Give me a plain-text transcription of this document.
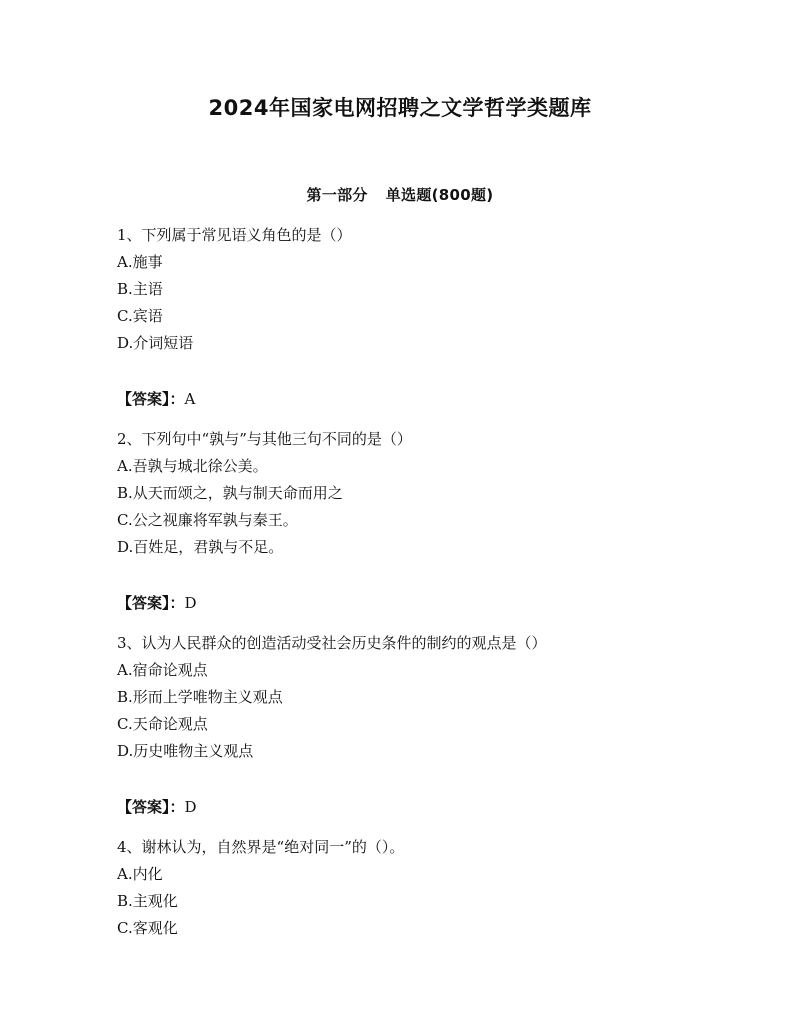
2024年国家电网招聘之文学哲学类题库
第一部分 单选题(800题)
1、下列属于常见语义角色的是（）
A.施事
B.主语
C.宾语
D.介词短语
【答案】：A
2、下列句中“孰与”与其他三句不同的是（）
A.吾孰与城北徐公美。
B.从天而颂之，孰与制天命而用之
C.公之视廉将军孰与秦王。
D.百姓足，君孰与不足。
【答案】：D
3、认为人民群众的创造活动受社会历史条件的制约的观点是（）
A.宿命论观点
B.形而上学唯物主义观点
C.天命论观点
D.历史唯物主义观点
【答案】：D
4、谢林认为，自然界是“绝对同一”的（）。
A.内化
B.主观化
C.客观化
